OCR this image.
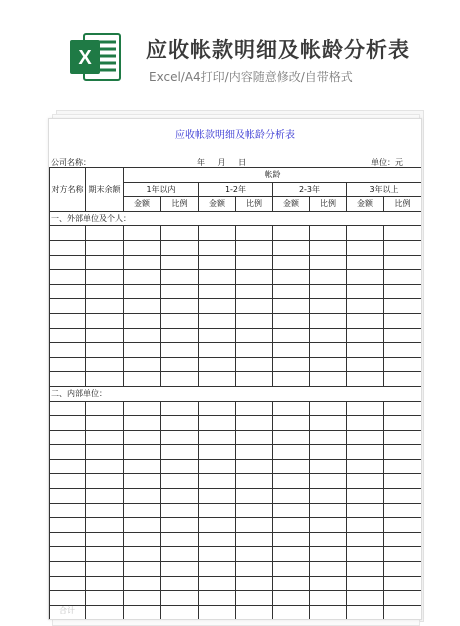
X	应收帐款明细及帐龄分析表
Excel/A4打印/内容随意修改/自带格式
应收帐款明细及帐龄分析表
公司名称：	年 月 日	单位：元
对方名称	期末余额	帐龄							
		1年以内		1-2年		2-3年		3年以上	
		金额	比例	金额	比例	金额	比例	金额	比例
一、外部单位及个人：									

二、内部单位：									

合计
